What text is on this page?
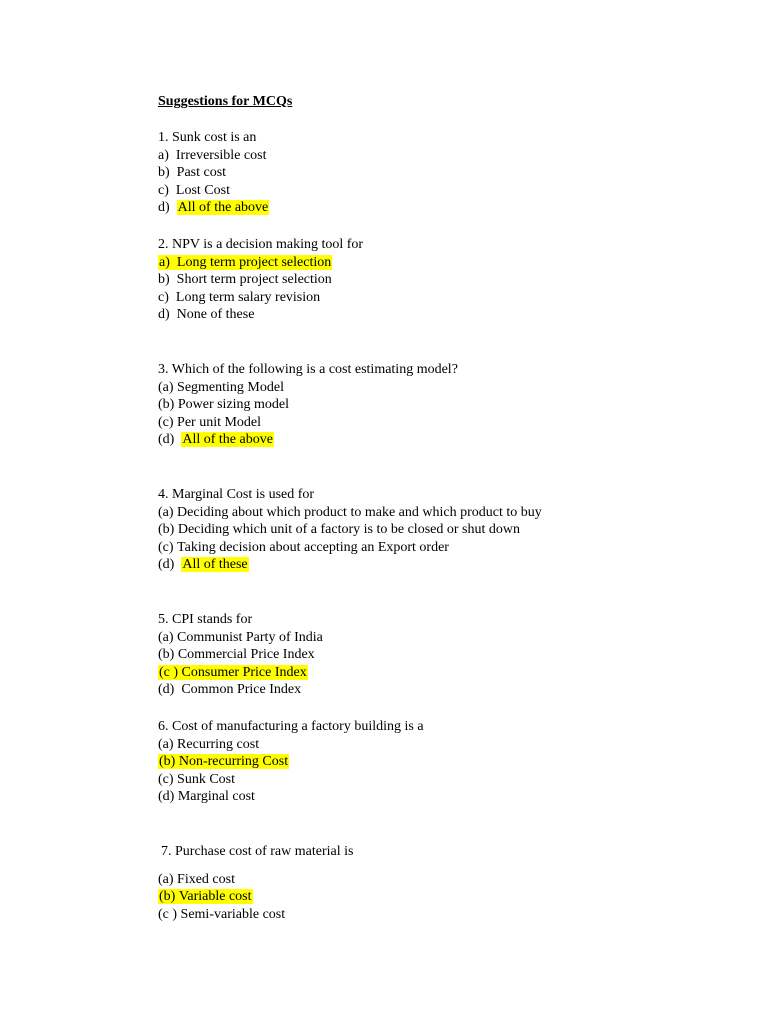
Suggestions for MCQs
1. Sunk cost is an
a) Irreversible cost
b) Past cost
c) Lost Cost
d) All of the above
2. NPV is a decision making tool for
a) Long term project selection
b) Short term project selection
c) Long term salary revision
d) None of these
3. Which of the following is a cost estimating model?
(a) Segmenting Model
(b) Power sizing model
(c) Per unit Model
(d) All of the above
4. Marginal Cost is used for
(a) Deciding about which product to make and which product to buy
(b) Deciding which unit of a factory is to be closed or shut down
(c) Taking decision about accepting an Export order
(d) All of these
5. CPI stands for
(a) Communist Party of India
(b) Commercial Price Index
(c ) Consumer Price Index
(d) Common Price Index
6. Cost of manufacturing a factory building is a
(a) Recurring cost
(b) Non-recurring Cost
(c) Sunk Cost
(d) Marginal cost
7. Purchase cost of raw material is
(a) Fixed cost
(b) Variable cost
(c ) Semi-variable cost
